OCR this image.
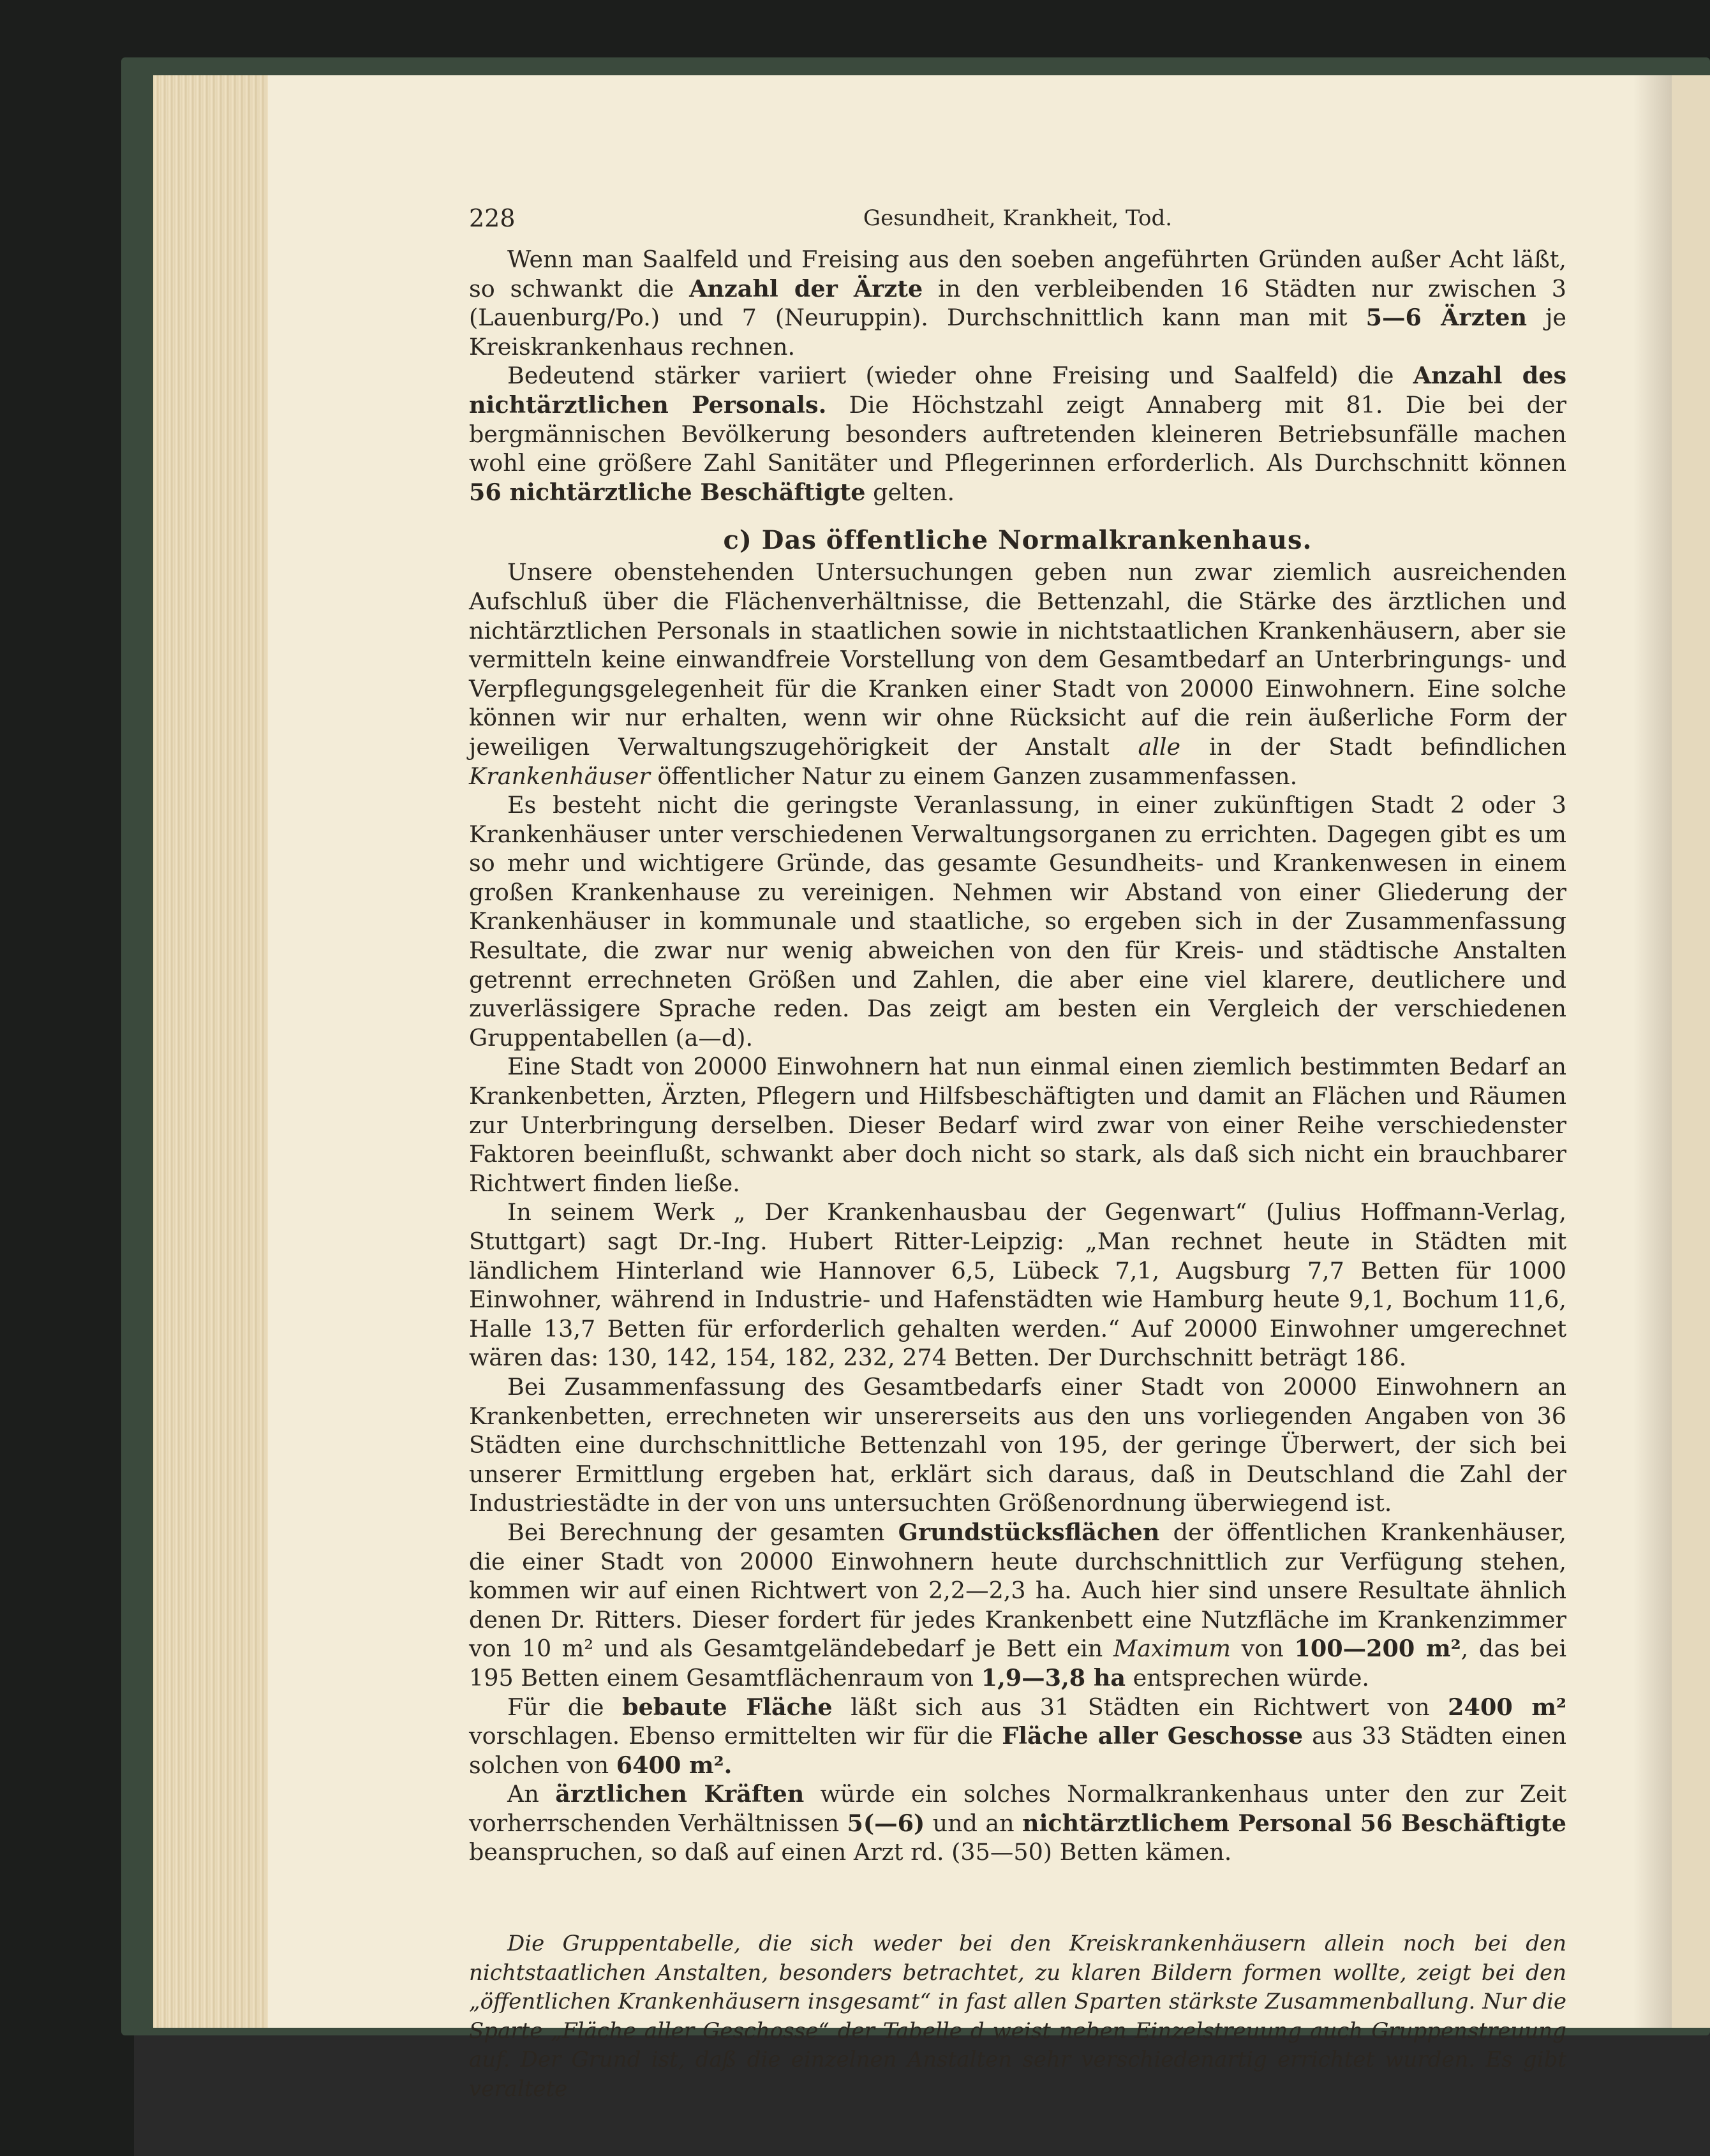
228	Gesundheit, Krankheit, Tod.

Wenn man Saalfeld und Freising aus den soeben angeführten Gründen außer Acht läßt, so schwankt die Anzahl der Ärzte in den verbleibenden 16 Städten nur zwischen 3 (Lauenburg/Po.) und 7 (Neuruppin). Durchschnittlich kann man mit 5—6 Ärzten je Kreiskrankenhaus rechnen.

Bedeutend stärker variiert (wieder ohne Freising und Saalfeld) die Anzahl des nichtärztlichen Personals. Die Höchstzahl zeigt Annaberg mit 81. Die bei der bergmännischen Bevölkerung besonders auftretenden kleineren Betriebsunfälle machen wohl eine größere Zahl Sanitäter und Pflegerinnen erforderlich. Als Durchschnitt können 56 nichtärztliche Beschäftigte gelten.

c) Das öffentliche Normalkrankenhaus.

Unsere obenstehenden Untersuchungen geben nun zwar ziemlich ausreichenden Aufschluß über die Flächenverhältnisse, die Bettenzahl, die Stärke des ärztlichen und nichtärztlichen Personals in staatlichen sowie in nichtstaatlichen Krankenhäusern, aber sie vermitteln keine einwandfreie Vorstellung von dem Gesamtbedarf an Unterbringungs- und Verpflegungsgelegenheit für die Kranken einer Stadt von 20000 Einwohnern. Eine solche können wir nur erhalten, wenn wir ohne Rücksicht auf die rein äußerliche Form der jeweiligen Verwaltungszugehörigkeit der Anstalt alle in der Stadt befindlichen Krankenhäuser öffentlicher Natur zu einem Ganzen zusammenfassen.

Es besteht nicht die geringste Veranlassung, in einer zukünftigen Stadt 2 oder 3 Krankenhäuser unter verschiedenen Verwaltungsorganen zu errichten. Dagegen gibt es um so mehr und wichtigere Gründe, das gesamte Gesundheits- und Krankenwesen in einem großen Krankenhause zu vereinigen. Nehmen wir Abstand von einer Gliederung der Krankenhäuser in kommunale und staatliche, so ergeben sich in der Zusammenfassung Resultate, die zwar nur wenig abweichen von den für Kreis- und städtische Anstalten getrennt errechneten Größen und Zahlen, die aber eine viel klarere, deutlichere und zuverlässigere Sprache reden. Das zeigt am besten ein Vergleich der verschiedenen Gruppentabellen (a—d).

Eine Stadt von 20000 Einwohnern hat nun einmal einen ziemlich bestimmten Bedarf an Krankenbetten, Ärzten, Pflegern und Hilfsbeschäftigten und damit an Flächen und Räumen zur Unterbringung derselben. Dieser Bedarf wird zwar von einer Reihe verschiedenster Faktoren beeinflußt, schwankt aber doch nicht so stark, als daß sich nicht ein brauchbarer Richtwert finden ließe.

In seinem Werk „ Der Krankenhausbau der Gegenwart“ (Julius Hoffmann-Verlag, Stuttgart) sagt Dr.-Ing. Hubert Ritter-Leipzig: „Man rechnet heute in Städten mit ländlichem Hinterland wie Hannover 6,5, Lübeck 7,1, Augsburg 7,7 Betten für 1000 Einwohner, während in Industrie- und Hafenstädten wie Hamburg heute 9,1, Bochum 11,6, Halle 13,7 Betten für erforderlich gehalten werden.“ Auf 20000 Einwohner umgerechnet wären das: 130, 142, 154, 182, 232, 274 Betten. Der Durchschnitt beträgt 186.

Bei Zusammenfassung des Gesamtbedarfs einer Stadt von 20000 Einwohnern an Krankenbetten, errechneten wir unsererseits aus den uns vorliegenden Angaben von 36 Städten eine durchschnittliche Bettenzahl von 195, der geringe Überwert, der sich bei unserer Ermittlung ergeben hat, erklärt sich daraus, daß in Deutschland die Zahl der Industriestädte in der von uns untersuchten Größenordnung überwiegend ist.

Bei Berechnung der gesamten Grundstücksflächen der öffentlichen Krankenhäuser, die einer Stadt von 20000 Einwohnern heute durchschnittlich zur Verfügung stehen, kommen wir auf einen Richtwert von 2,2—2,3 ha. Auch hier sind unsere Resultate ähnlich denen Dr. Ritters. Dieser fordert für jedes Krankenbett eine Nutzfläche im Krankenzimmer von 10 m² und als Gesamtgeländebedarf je Bett ein Maximum von 100—200 m², das bei 195 Betten einem Gesamtflächenraum von 1,9—3,8 ha entsprechen würde.

Für die bebaute Fläche läßt sich aus 31 Städten ein Richtwert von 2400 m² vorschlagen. Ebenso ermittelten wir für die Fläche aller Geschosse aus 33 Städten einen solchen von 6400 m².

An ärztlichen Kräften würde ein solches Normalkrankenhaus unter den zur Zeit vorherrschenden Verhältnissen 5(—6) und an nichtärztlichem Personal 56 Beschäftigte beanspruchen, so daß auf einen Arzt rd. (35—50) Betten kämen.

Die Gruppentabelle, die sich weder bei den Kreiskrankenhäusern allein noch bei den nichtstaatlichen Anstalten, besonders betrachtet, zu klaren Bildern formen wollte, zeigt bei den „öffentlichen Krankenhäusern insgesamt“ in fast allen Sparten stärkste Zusammenballung. Nur die Sparte „Fläche aller Geschosse“ der Tabelle d weist neben Einzelstreuung auch Gruppenstreuung auf. Der Grund ist, daß die einzelnen Anstalten sehr verschiedenartig errichtet wurden. Es gibt veraltete
